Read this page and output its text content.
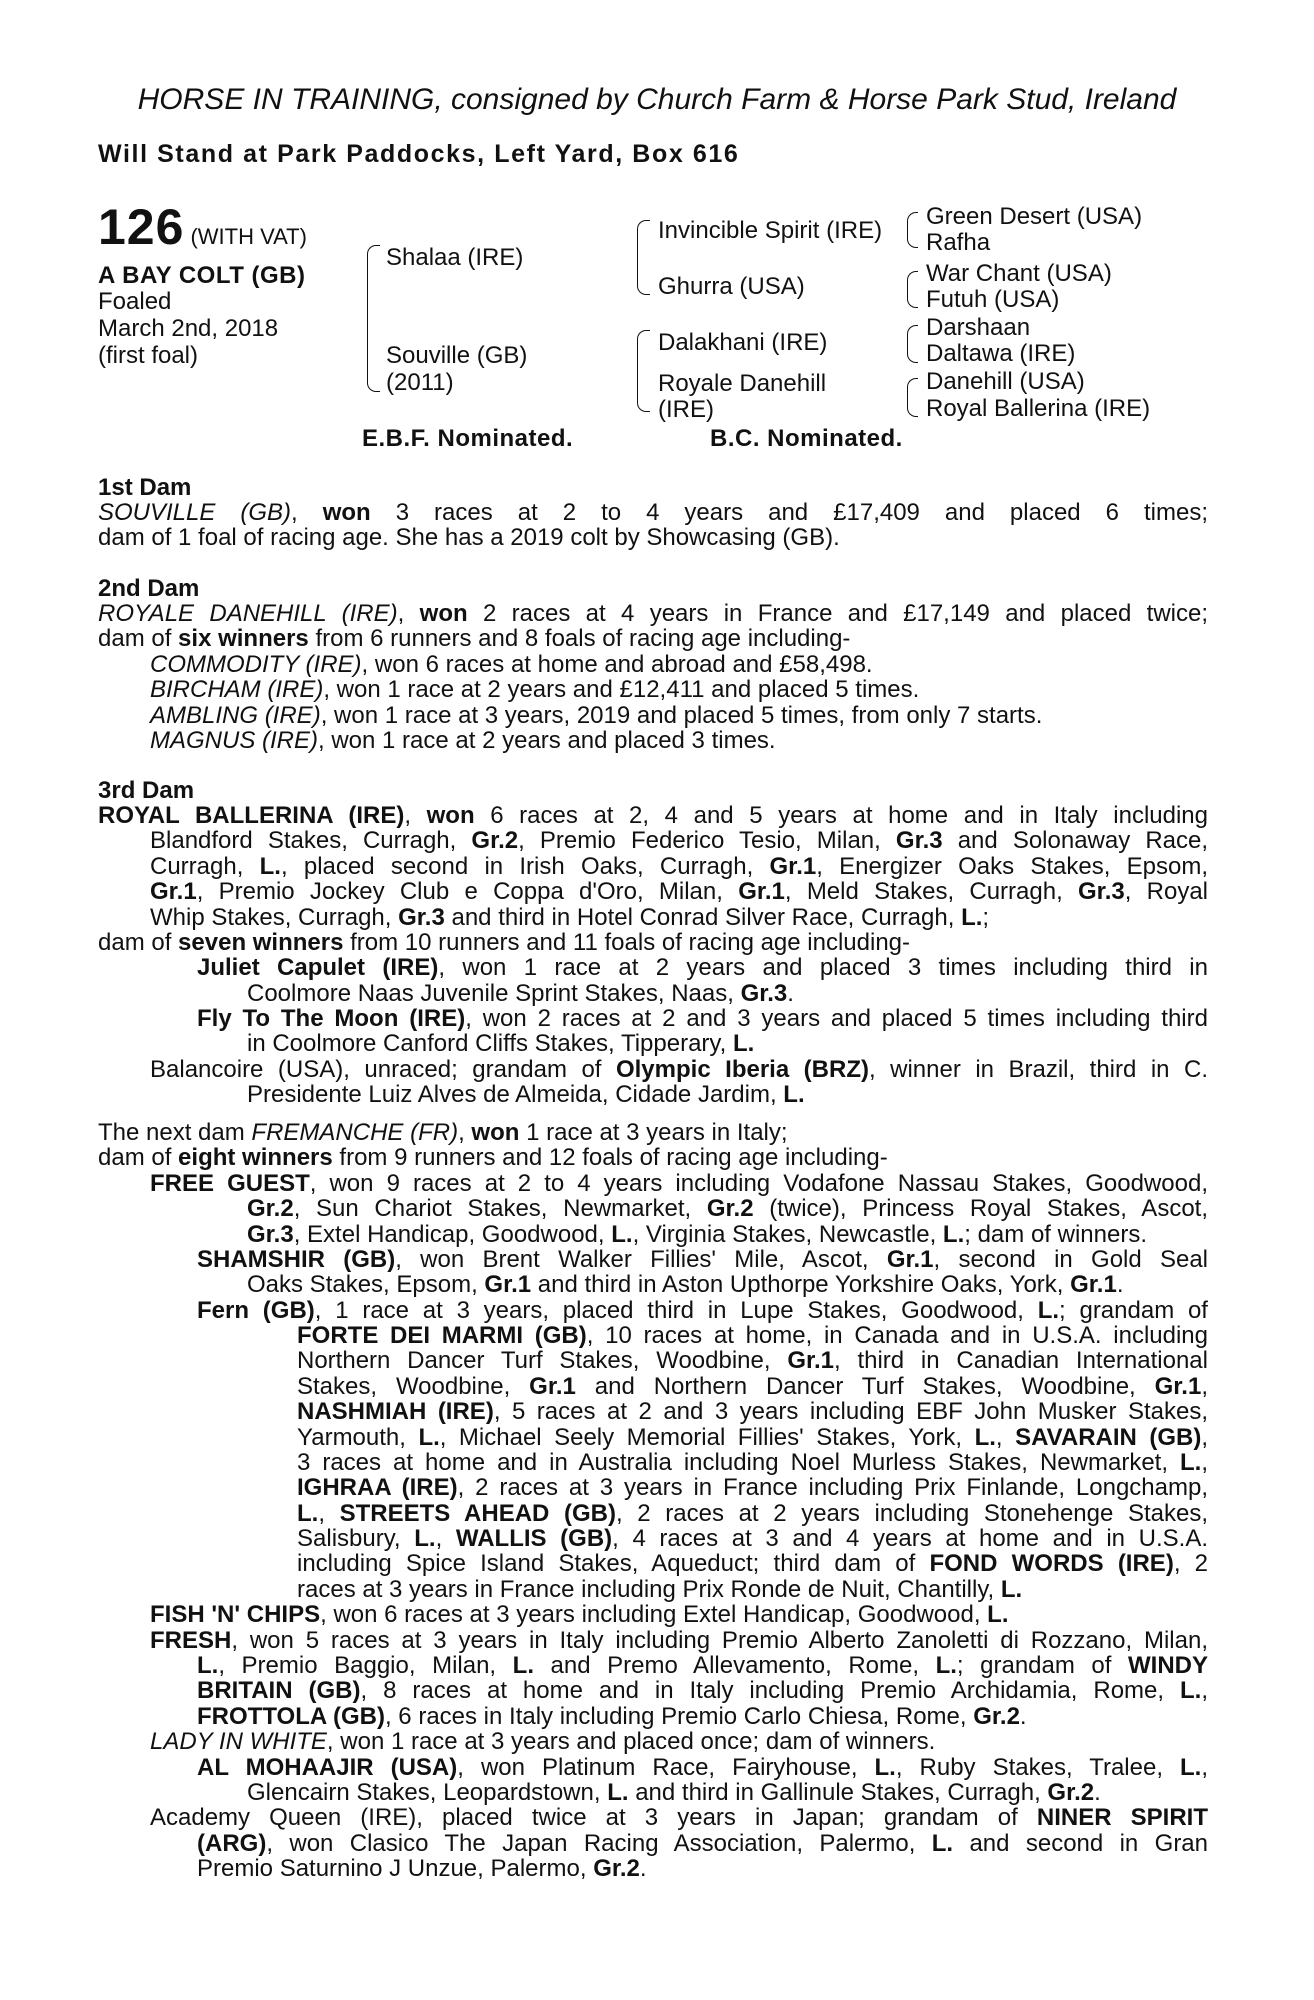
HORSE IN TRAINING, consigned by Church Farm & Horse Park Stud, Ireland
Will Stand at Park Paddocks, Left Yard, Box 616
126 (WITH VAT)
A BAY COLT (GB)
Foaled
March 2nd, 2018
(first foal)
Shalaa (IRE)
Souville (GB)
(2011)
Invincible Spirit (IRE)
Ghurra (USA)
Dalakhani (IRE)
Royale Danehill
(IRE)
Green Desert (USA)
Rafha
War Chant (USA)
Futuh (USA)
Darshaan
Daltawa (IRE)
Danehill (USA)
Royal Ballerina (IRE)
E.B.F. Nominated.	B.C. Nominated.
1st Dam
2nd Dam
3rd Dam
SOUVILLE (GB), won 3 races at 2 to 4 years and £17,409 and placed 6 times;
dam of 1 foal of racing age. She has a 2019 colt by Showcasing (GB).
ROYALE DANEHILL (IRE), won 2 races at 4 years in France and £17,149 and placed twice;
dam of six winners from 6 runners and 8 foals of racing age including-
COMMODITY (IRE), won 6 races at home and abroad and £58,498.
BIRCHAM (IRE), won 1 race at 2 years and £12,411 and placed 5 times.
AMBLING (IRE), won 1 race at 3 years, 2019 and placed 5 times, from only 7 starts.
MAGNUS (IRE), won 1 race at 2 years and placed 3 times.
ROYAL BALLERINA (IRE), won 6 races at 2, 4 and 5 years at home and in Italy including
Blandford Stakes, Curragh, Gr.2, Premio Federico Tesio, Milan, Gr.3 and Solonaway Race,
Curragh, L., placed second in Irish Oaks, Curragh, Gr.1, Energizer Oaks Stakes, Epsom,
Gr.1, Premio Jockey Club e Coppa d'Oro, Milan, Gr.1, Meld Stakes, Curragh, Gr.3, Royal
Whip Stakes, Curragh, Gr.3 and third in Hotel Conrad Silver Race, Curragh, L.;
dam of seven winners from 10 runners and 11 foals of racing age including-
Juliet Capulet (IRE), won 1 race at 2 years and placed 3 times including third in
Coolmore Naas Juvenile Sprint Stakes, Naas, Gr.3.
Fly To The Moon (IRE), won 2 races at 2 and 3 years and placed 5 times including third
in Coolmore Canford Cliffs Stakes, Tipperary, L.
Balancoire (USA), unraced; grandam of Olympic Iberia (BRZ), winner in Brazil, third in C.
Presidente Luiz Alves de Almeida, Cidade Jardim, L.
The next dam FREMANCHE (FR), won 1 race at 3 years in Italy;
dam of eight winners from 9 runners and 12 foals of racing age including-
FREE GUEST, won 9 races at 2 to 4 years including Vodafone Nassau Stakes, Goodwood,
Gr.2, Sun Chariot Stakes, Newmarket, Gr.2 (twice), Princess Royal Stakes, Ascot,
Gr.3, Extel Handicap, Goodwood, L., Virginia Stakes, Newcastle, L.; dam of winners.
SHAMSHIR (GB), won Brent Walker Fillies' Mile, Ascot, Gr.1, second in Gold Seal
Oaks Stakes, Epsom, Gr.1 and third in Aston Upthorpe Yorkshire Oaks, York, Gr.1.
Fern (GB), 1 race at 3 years, placed third in Lupe Stakes, Goodwood, L.; grandam of
FORTE DEI MARMI (GB), 10 races at home, in Canada and in U.S.A. including
Northern Dancer Turf Stakes, Woodbine, Gr.1, third in Canadian International
Stakes, Woodbine, Gr.1 and Northern Dancer Turf Stakes, Woodbine, Gr.1,
NASHMIAH (IRE), 5 races at 2 and 3 years including EBF John Musker Stakes,
Yarmouth, L., Michael Seely Memorial Fillies' Stakes, York, L., SAVARAIN (GB),
3 races at home and in Australia including Noel Murless Stakes, Newmarket, L.,
IGHRAA (IRE), 2 races at 3 years in France including Prix Finlande, Longchamp,
L., STREETS AHEAD (GB), 2 races at 2 years including Stonehenge Stakes,
Salisbury, L., WALLIS (GB), 4 races at 3 and 4 years at home and in U.S.A.
including Spice Island Stakes, Aqueduct; third dam of FOND WORDS (IRE), 2
races at 3 years in France including Prix Ronde de Nuit, Chantilly, L.
FISH 'N' CHIPS, won 6 races at 3 years including Extel Handicap, Goodwood, L.
FRESH, won 5 races at 3 years in Italy including Premio Alberto Zanoletti di Rozzano, Milan,
L., Premio Baggio, Milan, L. and Premo Allevamento, Rome, L.; grandam of WINDY
BRITAIN (GB), 8 races at home and in Italy including Premio Archidamia, Rome, L.,
FROTTOLA (GB), 6 races in Italy including Premio Carlo Chiesa, Rome, Gr.2.
LADY IN WHITE, won 1 race at 3 years and placed once; dam of winners.
AL MOHAAJIR (USA), won Platinum Race, Fairyhouse, L., Ruby Stakes, Tralee, L.,
Glencairn Stakes, Leopardstown, L. and third in Gallinule Stakes, Curragh, Gr.2.
Academy Queen (IRE), placed twice at 3 years in Japan; grandam of NINER SPIRIT
(ARG), won Clasico The Japan Racing Association, Palermo, L. and second in Gran
Premio Saturnino J Unzue, Palermo, Gr.2.
